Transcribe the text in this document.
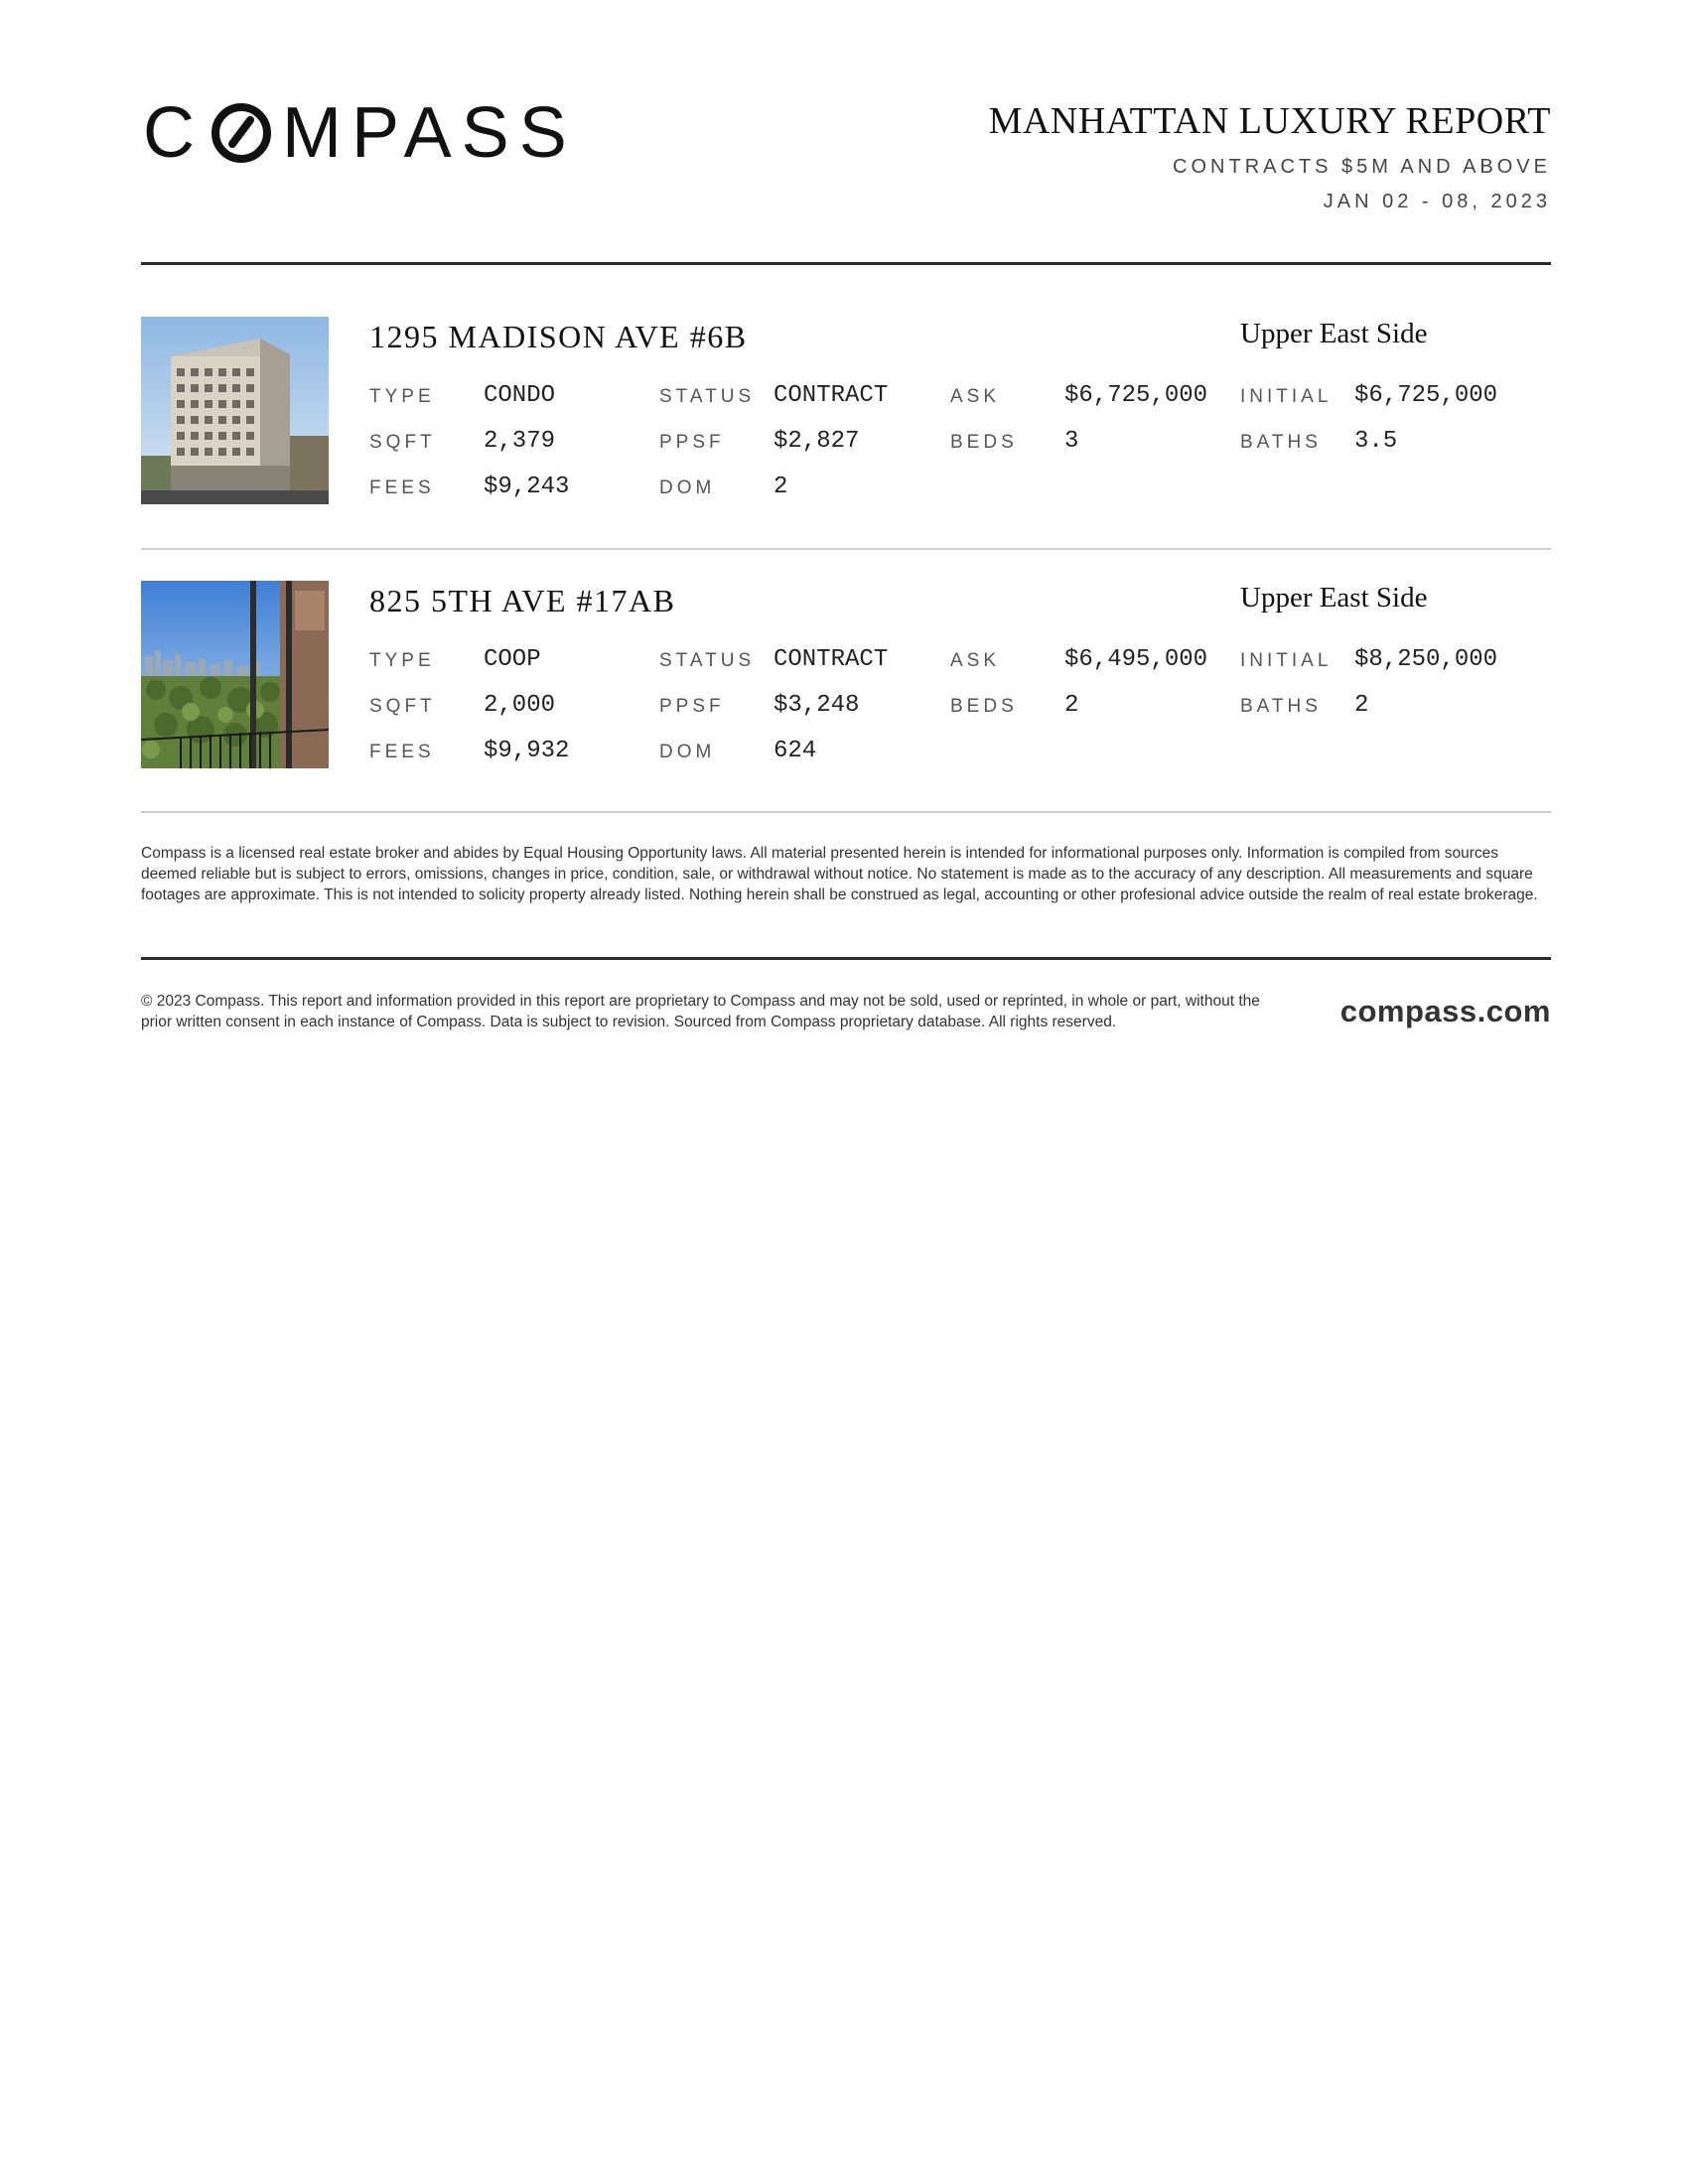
C MPASS	MANHATTAN LUXURY REPORT
CONTRACTS $5M AND ABOVE
JAN 02 - 08, 2023
1295 MADISON AVE #6B	Upper East Side
TYPE CONDO	STATUS CONTRACT	ASK	$6,725,000 INITIAL $6,725,000
SQFT 2,379	PPSF $2,827	BEDS 3	BATHS 3.5
FEES $9,243	DOM 2
825 5TH AVE #17AB	Upper East Side
TYPE COOP	STATUS CONTRACT	ASK	$6,495,000 INITIAL $8,250,000
SQFT 2,000	PPSF $3,248	BEDS 2	BATHS 2
FEES $9,932	DOM 624
Compass is a licensed real estate broker and abides by Equal Housing Opportunity laws. All material presented herein is intended for informational purposes only. Information is compiled from sources deemed reliable but is subject to errors, omissions, changes in price, condition, sale, or withdrawal without notice. No statement is made as to the accuracy of any description. All measurements and square footages are approximate. This is not intended to solicity property already listed. Nothing herein shall be construed as legal, accounting or other profesional advice outside the realm of real estate brokerage.
© 2023 Compass. This report and information provided in this report are proprietary to Compass and may not be sold, used or reprinted, in whole or part, without the prior written consent in each instance of Compass. Data is subject to revision. Sourced from Compass proprietary database. All rights reserved.	compass.com
